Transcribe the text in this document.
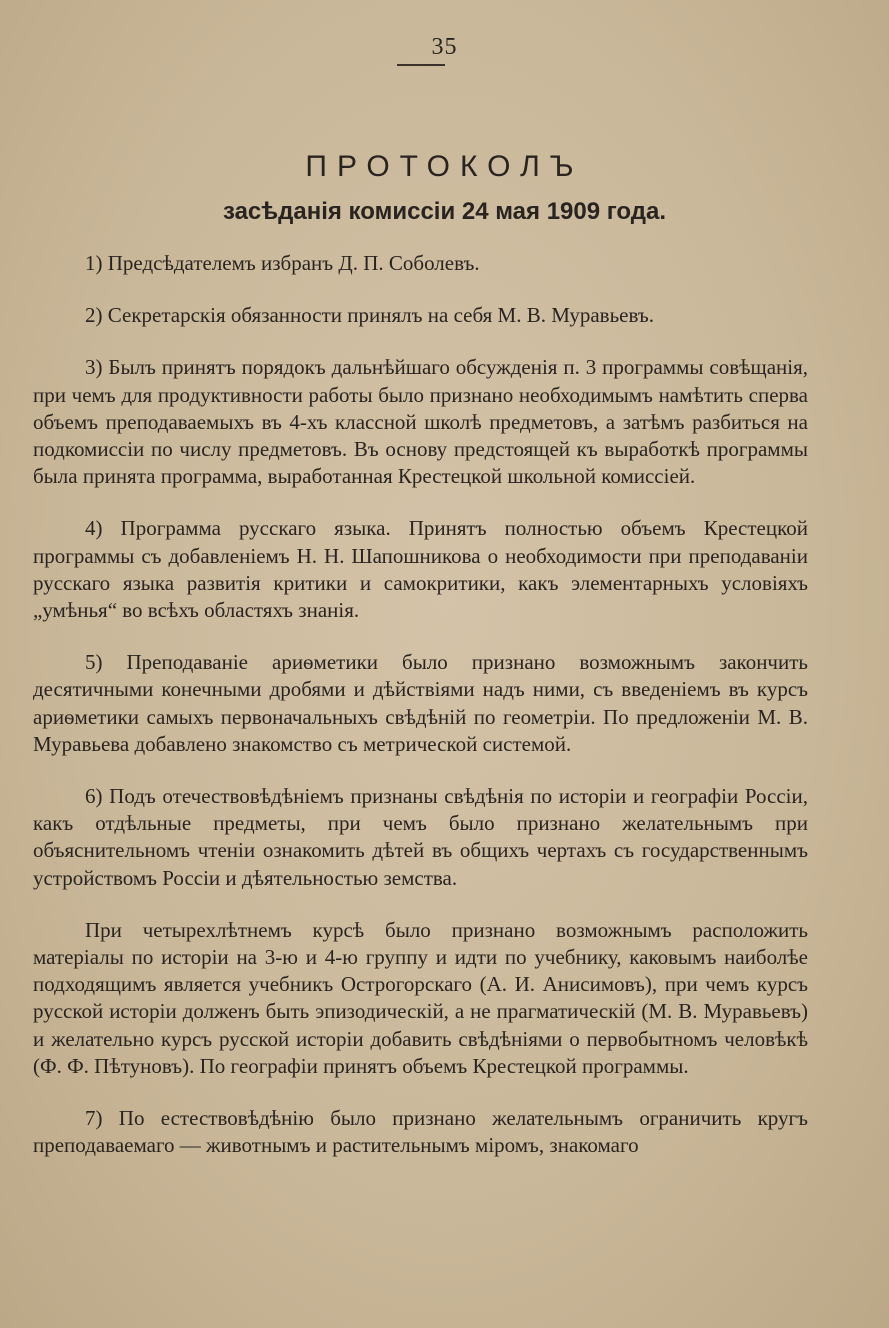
35
ПРОТОКОЛЪ
засѣданія комиссіи 24 мая 1909 года.

1) Предсѣдателемъ избранъ Д. П. Соболевъ.

2) Секретарскія обязанности принялъ на себя М. В. Муравьевъ.

3) Былъ принятъ порядокъ дальнѣйшаго обсужденія п. 3 программы совѣщанія, при чемъ для продуктивности работы было признано необходимымъ намѣтить сперва объемъ преподаваемыхъ въ 4-хъ классной школѣ предметовъ, а затѣмъ разбиться на подкомиссіи по числу предметовъ. Въ основу предстоящей къ выработкѣ программы была принята программа, выработанная Крестецкой школьной комиссіей.

4) Программа русскаго языка. Принятъ полностью объемъ Крестецкой программы съ добавленіемъ Н. Н. Шапошникова о необходимости при преподаваніи русскаго языка развитія критики и самокритики, какъ элементарныхъ условіяхъ „умѣнья“ во всѣхъ областяхъ знанія.

5) Преподаваніе ариѳметики было признано возможнымъ закончить десятичными конечными дробями и дѣйствіями надъ ними, съ введеніемъ въ курсъ ариѳметики самыхъ первоначальныхъ свѣдѣній по геометріи. По предложеніи М. В. Муравьева добавлено знакомство съ метрической системой.

6) Подъ отечествовѣдѣніемъ признаны свѣдѣнія по исторіи и географіи Россіи, какъ отдѣльные предметы, при чемъ было признано желательнымъ при объяснительномъ чтеніи ознакомить дѣтей въ общихъ чертахъ съ государственнымъ устройствомъ Россіи и дѣятельностью земства.

При четырехлѣтнемъ курсѣ было признано возможнымъ расположить матеріалы по исторіи на 3-ю и 4-ю группу и идти по учебнику, каковымъ наиболѣе подходящимъ является учебникъ Острогорскаго (А. И. Анисимовъ), при чемъ курсъ русской исторіи долженъ быть эпизодическій, а не прагматическій (М. В. Муравьевъ) и желательно курсъ русской исторіи добавить свѣдѣніями о первобытномъ человѣкѣ (Ф. Ф. Пѣтуновъ). По географіи принятъ объемъ Крестецкой программы.

7) По естествовѣдѣнію было признано желательнымъ ограничить кругъ преподаваемаго — животнымъ и растительнымъ міромъ, знакомаго
